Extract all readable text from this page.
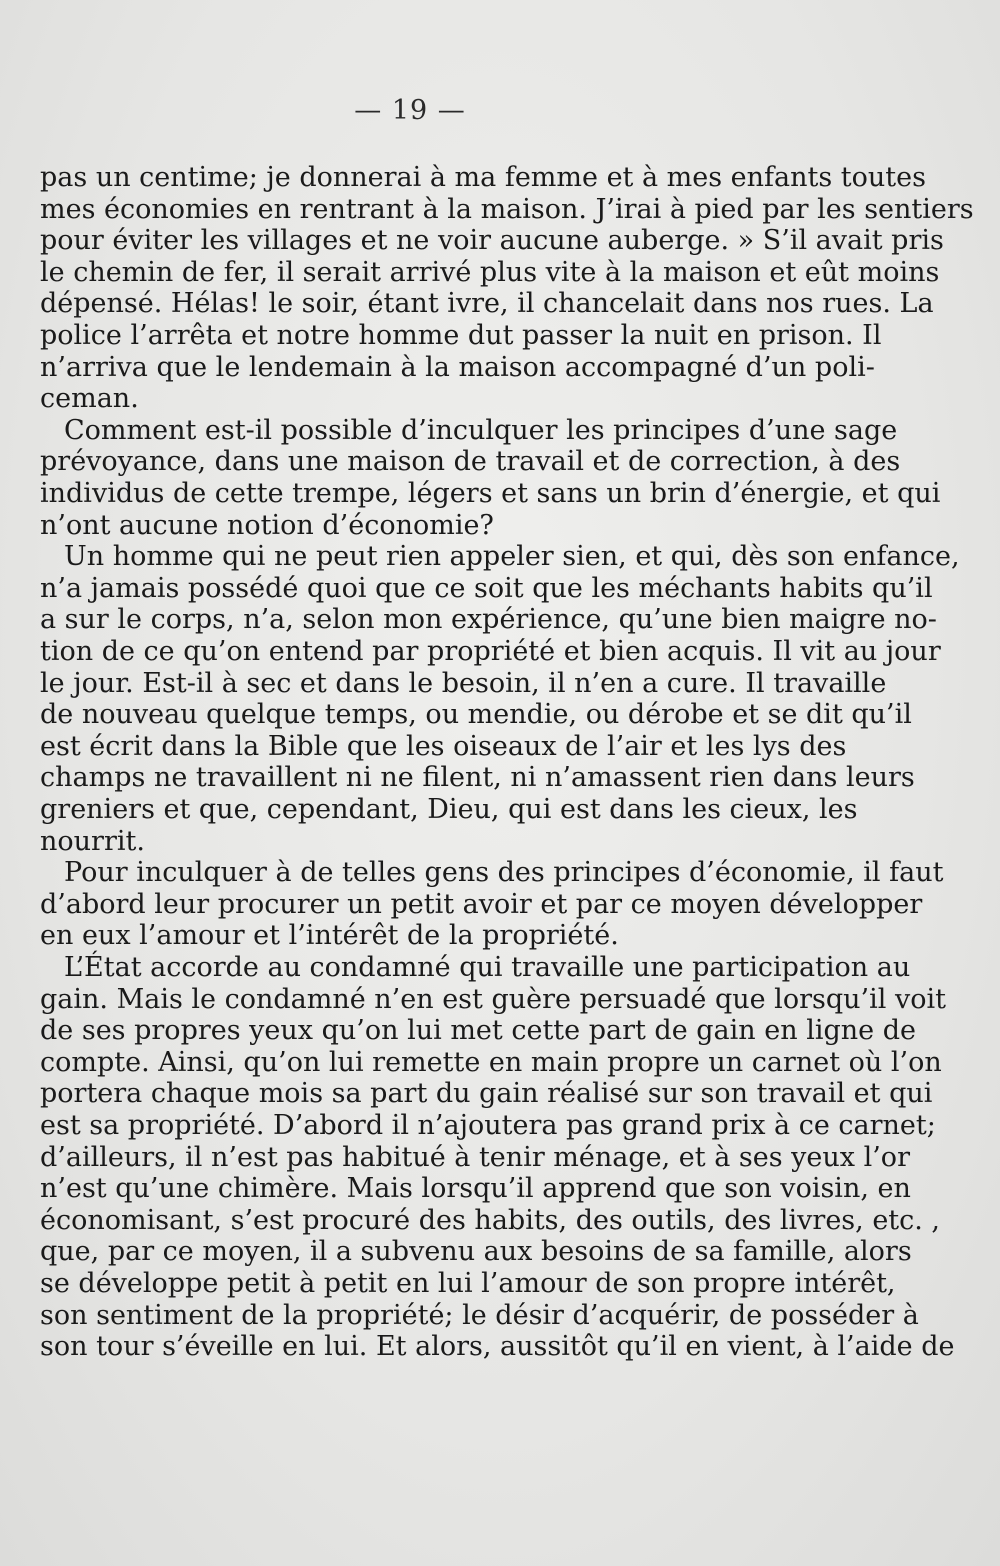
— 19 —
pas un centime; je donnerai à ma femme et à mes enfants toutes
mes économies en rentrant à la maison. J’irai à pied par les sentiers
pour éviter les villages et ne voir aucune auberge. » S’il avait pris
le chemin de fer, il serait arrivé plus vite à la maison et eût moins
dépensé. Hélas! le soir, étant ivre, il chancelait dans nos rues. La
police l’arrêta et notre homme dut passer la nuit en prison. Il
n’arriva que le lendemain à la maison accompagné d’un poli-
ceman.
Comment est-il possible d’inculquer les principes d’une sage
prévoyance, dans une maison de travail et de correction, à des
individus de cette trempe, légers et sans un brin d’énergie, et qui
n’ont aucune notion d’économie?
Un homme qui ne peut rien appeler sien, et qui, dès son enfance,
n’a jamais possédé quoi que ce soit que les méchants habits qu’il
a sur le corps, n’a, selon mon expérience, qu’une bien maigre no-
tion de ce qu’on entend par propriété et bien acquis. Il vit au jour
le jour. Est-il à sec et dans le besoin, il n’en a cure. Il travaille
de nouveau quelque temps, ou mendie, ou dérobe et se dit qu’il
est écrit dans la Bible que les oiseaux de l’air et les lys des
champs ne travaillent ni ne filent, ni n’amassent rien dans leurs
greniers et que, cependant, Dieu, qui est dans les cieux, les
nourrit.
Pour inculquer à de telles gens des principes d’économie, il faut
d’abord leur procurer un petit avoir et par ce moyen développer
en eux l’amour et l’intérêt de la propriété.
L’État accorde au condamné qui travaille une participation au
gain. Mais le condamné n’en est guère persuadé que lorsqu’il voit
de ses propres yeux qu’on lui met cette part de gain en ligne de
compte. Ainsi, qu’on lui remette en main propre un carnet où l’on
portera chaque mois sa part du gain réalisé sur son travail et qui
est sa propriété. D’abord il n’ajoutera pas grand prix à ce carnet;
d’ailleurs, il n’est pas habitué à tenir ménage, et à ses yeux l’or
n’est qu’une chimère. Mais lorsqu’il apprend que son voisin, en
économisant, s’est procuré des habits, des outils, des livres, etc. ,
que, par ce moyen, il a subvenu aux besoins de sa famille, alors
se développe petit à petit en lui l’amour de son propre intérêt,
son sentiment de la propriété; le désir d’acquérir, de posséder à
son tour s’éveille en lui. Et alors, aussitôt qu’il en vient, à l’aide de
